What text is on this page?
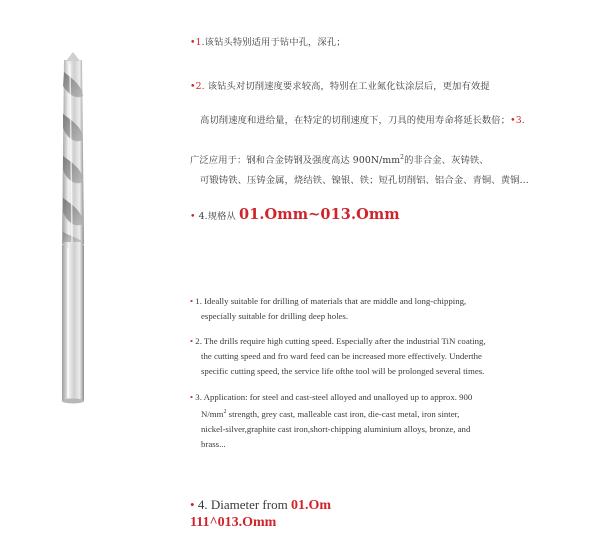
•1.该钻头特别适用于钻中孔，深孔；
•2. 该钻头对切削速度要求较高，特别在工业氮化钛涂层后，更加有效提
高切削速度和进给量，在特定的切削速度下，刀具的使用寿命将延长数倍；•3.
广泛应用于：钢和合金铸钢及强度高达 $900N/mm^2$的非合金、灰铸铁、
可锻铸铁、压铸金属，烧结铁、镍银、铁；短孔切削铝、铝合金、青铜、黄铜…
• 4.规格从 01.Omm~013.Omm
• 1. Ideally suitable for drilling of materials that are middle and long-chipping,
especially suitable for drilling deep holes.
• 2. The drills require high cutting speed. Especially after the industrial TiN coating,
the cutting speed and fro ward feed can be increased more effectively. Underthe
specific cutting speed, the service life ofthe tool will be prolonged several times.
• 3. Application: for steel and cast-steel alloyed and unalloyed up to approx. 900
$N/mm^2$ strength, grey cast, malleable cast iron, die-cast metal, iron sinter,
nickel-silver,graphite cast iron,short-chipping aluminium alloys, bronze, and
brass...
• 4. Diameter from 01.Om
111^013.Omm
